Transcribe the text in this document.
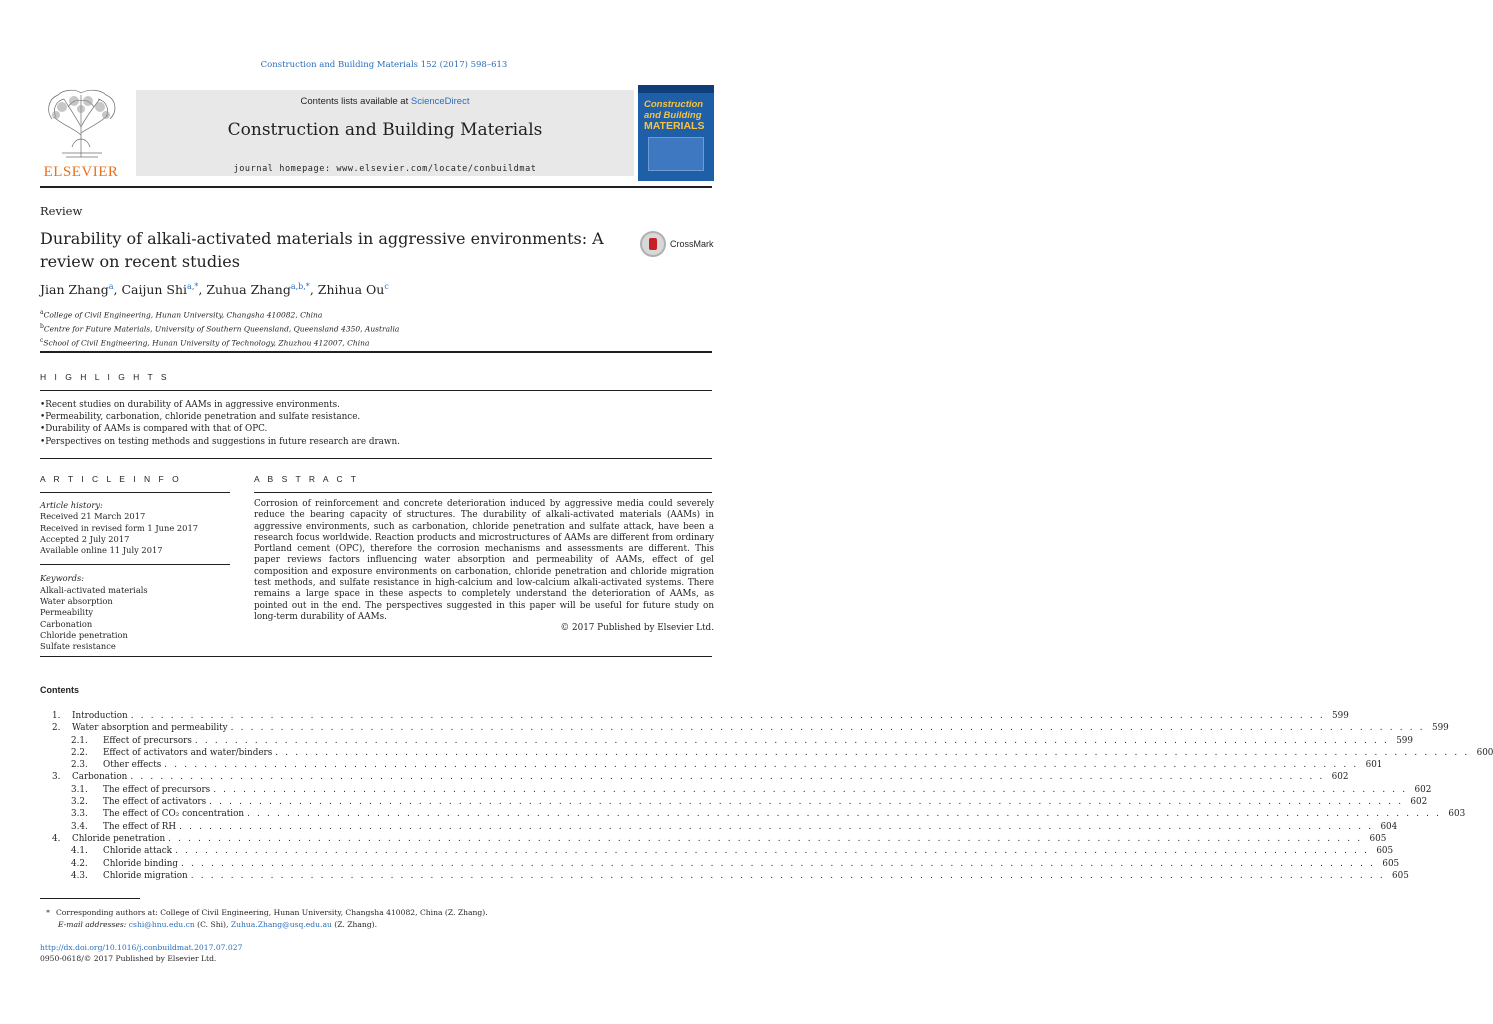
Construction and Building Materials 152 (2017) 598–613
ELSEVIER
Contents lists available at ScienceDirect
Construction and Building Materials
journal homepage: www.elsevier.com/locate/conbuildmat
Construction
and Building
MATERIALS
Review
Durability of alkali-activated materials in aggressive environments: A review on recent studies
CrossMark
Jian Zhang$^a$, Caijun Shi$^{a,*}$, Zuhua Zhang$^{a,b,*}$, Zhihua Ou$^c$
$^a$College of Civil Engineering, Hunan University, Changsha 410082, China
$^b$Centre for Future Materials, University of Southern Queensland, Queensland 4350, Australia
$^c$School of Civil Engineering, Hunan University of Technology, Zhuzhou 412007, China
H I G H L I G H T S
• Recent studies on durability of AAMs in aggressive environments.
• Permeability, carbonation, chloride penetration and sulfate resistance.
• Durability of AAMs is compared with that of OPC.
• Perspectives on testing methods and suggestions in future research are drawn.
A R T I C L E I N F O
Article history:
Received 21 March 2017
Received in revised form 1 June 2017
Accepted 2 July 2017
Available online 11 July 2017
Keywords:
Alkali-activated materials
Water absorption
Permeability
Carbonation
Chloride penetration
Sulfate resistance
A B S T R A C T
Corrosion of reinforcement and concrete deterioration induced by aggressive media could severely reduce the bearing capacity of structures. The durability of alkali-activated materials (AAMs) in aggressive environments, such as carbonation, chloride penetration and sulfate attack, have been a research focus worldwide. Reaction products and microstructures of AAMs are different from ordinary Portland cement (OPC), therefore the corrosion mechanisms and assessments are different. This paper reviews factors influencing water absorption and permeability of AAMs, effect of gel composition and exposure environments on carbonation, chloride penetration and chloride migration test methods, and sulfate resistance in high-calcium and low-calcium alkali-activated systems. There remains a large space in these aspects to completely understand the deterioration of AAMs, as pointed out in the end. The perspectives suggested in this paper will be useful for future study on long-term durability of AAMs.
© 2017 Published by Elsevier Ltd.
Contents
1.	Introduction . . . . . . . . . . . . . . . . . . . . . . . . . . . . . . . . . . . . . . . . . . . . . . . . . . . . . . . . . . . . . . . . . . . . . . . . . . . . . . . . . . . . . . . . . . . . . . . . . . . . . . . . . . . . . . . . . . . . . . . . 599
2.	Water absorption and permeability . . . . . . . . . . . . . . . . . . . . . . . . . . . . . . . . . . . . . . . . . . . . . . . . . . . . . . . . . . . . . . . . . . . . . . . . . . . . . . . . . . . . . . . . . . . . . . . . . . . . . . . . . . . . . . . . . . . . . . . . 599
2.1.	Effect of precursors . . . . . . . . . . . . . . . . . . . . . . . . . . . . . . . . . . . . . . . . . . . . . . . . . . . . . . . . . . . . . . . . . . . . . . . . . . . . . . . . . . . . . . . . . . . . . . . . . . . . . . . . . . . . . . . . . . . . . . . . 599
2.2.	Effect of activators and water/binders . . . . . . . . . . . . . . . . . . . . . . . . . . . . . . . . . . . . . . . . . . . . . . . . . . . . . . . . . . . . . . . . . . . . . . . . . . . . . . . . . . . . . . . . . . . . . . . . . . . . . . . . . . . . . . . . . . . . . . . . 600
2.3.	Other effects . . . . . . . . . . . . . . . . . . . . . . . . . . . . . . . . . . . . . . . . . . . . . . . . . . . . . . . . . . . . . . . . . . . . . . . . . . . . . . . . . . . . . . . . . . . . . . . . . . . . . . . . . . . . . . . . . . . . . . . . 601
3.	Carbonation . . . . . . . . . . . . . . . . . . . . . . . . . . . . . . . . . . . . . . . . . . . . . . . . . . . . . . . . . . . . . . . . . . . . . . . . . . . . . . . . . . . . . . . . . . . . . . . . . . . . . . . . . . . . . . . . . . . . . . . . 602
3.1.	The effect of precursors . . . . . . . . . . . . . . . . . . . . . . . . . . . . . . . . . . . . . . . . . . . . . . . . . . . . . . . . . . . . . . . . . . . . . . . . . . . . . . . . . . . . . . . . . . . . . . . . . . . . . . . . . . . . . . . . . . . . . . . . 602
3.2.	The effect of activators . . . . . . . . . . . . . . . . . . . . . . . . . . . . . . . . . . . . . . . . . . . . . . . . . . . . . . . . . . . . . . . . . . . . . . . . . . . . . . . . . . . . . . . . . . . . . . . . . . . . . . . . . . . . . . . . . . . . . . . . 602
3.3.	The effect of CO₂ concentration . . . . . . . . . . . . . . . . . . . . . . . . . . . . . . . . . . . . . . . . . . . . . . . . . . . . . . . . . . . . . . . . . . . . . . . . . . . . . . . . . . . . . . . . . . . . . . . . . . . . . . . . . . . . . . . . . . . . . . . . 603
3.4.	The effect of RH . . . . . . . . . . . . . . . . . . . . . . . . . . . . . . . . . . . . . . . . . . . . . . . . . . . . . . . . . . . . . . . . . . . . . . . . . . . . . . . . . . . . . . . . . . . . . . . . . . . . . . . . . . . . . . . . . . . . . . . . 604
4.	Chloride penetration . . . . . . . . . . . . . . . . . . . . . . . . . . . . . . . . . . . . . . . . . . . . . . . . . . . . . . . . . . . . . . . . . . . . . . . . . . . . . . . . . . . . . . . . . . . . . . . . . . . . . . . . . . . . . . . . . . . . . . . . 605
4.1.	Chloride attack . . . . . . . . . . . . . . . . . . . . . . . . . . . . . . . . . . . . . . . . . . . . . . . . . . . . . . . . . . . . . . . . . . . . . . . . . . . . . . . . . . . . . . . . . . . . . . . . . . . . . . . . . . . . . . . . . . . . . . . . 605
4.2.	Chloride binding . . . . . . . . . . . . . . . . . . . . . . . . . . . . . . . . . . . . . . . . . . . . . . . . . . . . . . . . . . . . . . . . . . . . . . . . . . . . . . . . . . . . . . . . . . . . . . . . . . . . . . . . . . . . . . . . . . . . . . . . 605
4.3.	Chloride migration . . . . . . . . . . . . . . . . . . . . . . . . . . . . . . . . . . . . . . . . . . . . . . . . . . . . . . . . . . . . . . . . . . . . . . . . . . . . . . . . . . . . . . . . . . . . . . . . . . . . . . . . . . . . . . . . . . . . . . . . 605
* Corresponding authors at: College of Civil Engineering, Hunan University, Changsha 410082, China (Z. Zhang).
E-mail addresses: cshi@hnu.edu.cn (C. Shi), Zuhua.Zhang@usq.edu.au (Z. Zhang).
http://dx.doi.org/10.1016/j.conbuildmat.2017.07.027
0950-0618/© 2017 Published by Elsevier Ltd.
